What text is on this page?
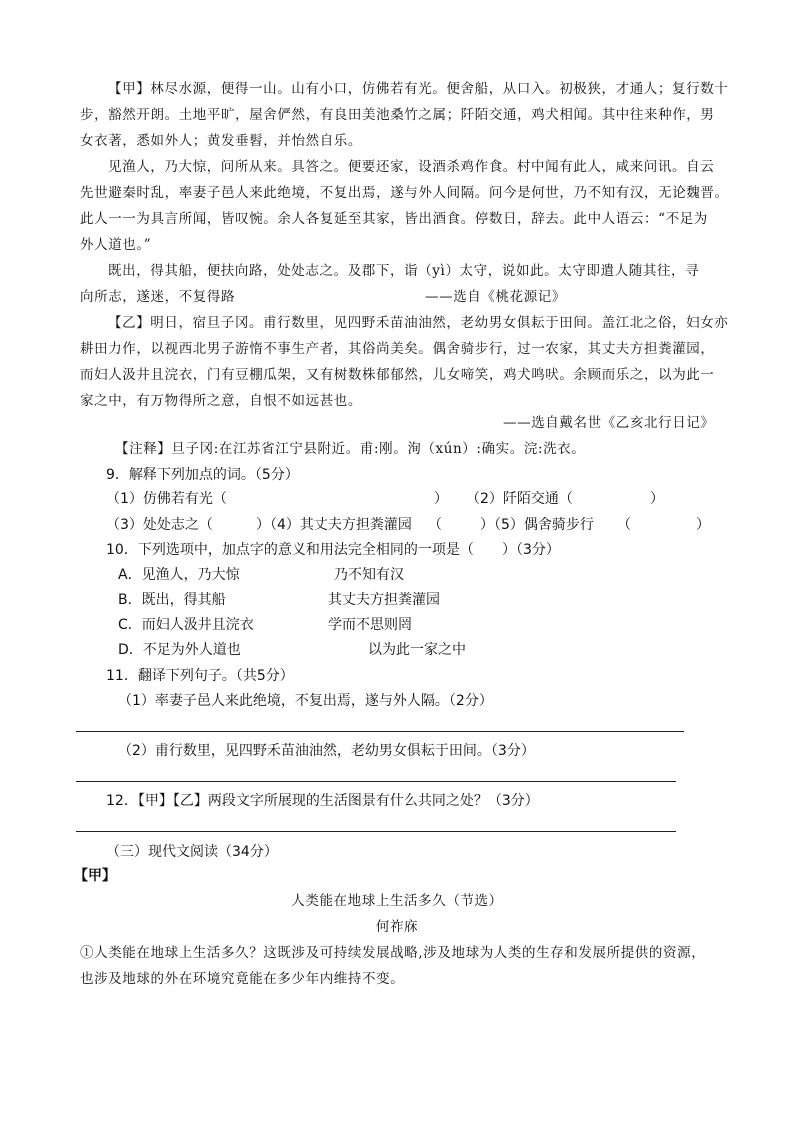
【甲】林尽水源，便得一山。山有小口，仿佛若有光。便舍船，从口入。初极狭，才通人；复行数十
步，豁然开朗。土地平旷，屋舍俨然，有良田美池桑竹之属；阡陌交通，鸡犬相闻。其中往来种作，男
女衣著，悉如外人；黄发垂髫，并怡然自乐。
见渔人，乃大惊，问所从来。具答之。便要还家，设酒杀鸡作食。村中闻有此人，咸来问讯。自云
先世避秦时乱，率妻子邑人来此绝境，不复出焉，遂与外人间隔。问今是何世，乃不知有汉，无论魏晋。
此人一一为具言所闻，皆叹惋。余人各复延至其家，皆出酒食。停数日，辞去。此中人语云：“不足为
外人道也。”
既出，得其船，便扶向路，处处志之。及郡下，诣（yì）太守，说如此。太守即遣人随其往，寻
向所志，遂迷，不复得路	——选自《桃花源记》
【乙】明日，宿旦子冈。甫行数里，见四野禾苗油油然，老幼男女俱耘于田间。盖江北之俗，妇女亦
耕田力作，以视西北男子游惰不事生产者，其俗尚美矣。偶舍骑步行，过一农家，其丈夫方担粪灌园，
而妇人汲井且浣衣，门有豆棚瓜架，又有树数株郁郁然，儿女啼笑，鸡犬鸣吠。余顾而乐之，以为此一
家之中，有万物得所之意，自恨不如远甚也。
——选自戴名世《乙亥北行日记》
【注释】旦子冈:在江苏省江宁县附近。甫:刚。洵（xún）:确实。浣:洗衣。
9．解释下列加点的词。（5分）
（1）仿佛若有光（	） （2）阡陌交通（	）
（3）处处志之（	）（4）其丈夫方担粪灌园 （	）（5）偶舍骑步行 （	）
10．下列选项中，加点字的意义和用法完全相同的一项是（ ）（3分）
A．见渔人，乃大惊	乃不知有汉
B．既出，得其船	其丈夫方担粪灌园
C．而妇人汲井且浣衣	学而不思则罔
D．不足为外人道也	以为此一家之中
11．翻译下列句子。（共5分）
（1）率妻子邑人来此绝境，不复出焉，遂与外人隔。（2分）
（2）甫行数里，见四野禾苗油油然，老幼男女俱耘于田间。（3分）
12．【甲】【乙】两段文字所展现的生活图景有什么共同之处？（3分）
（三）现代文阅读（34分）
【甲】
人类能在地球上生活多久（节选）
何祚庥
①人类能在地球上生活多久？这既涉及可持续发展战略,涉及地球为人类的生存和发展所提供的资源，
也涉及地球的外在环境究竟能在多少年内维持不变。
